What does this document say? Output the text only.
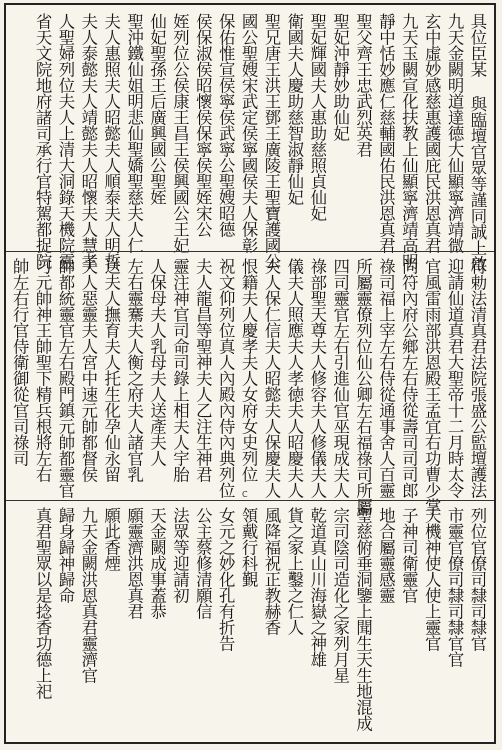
具位臣某 與臨壇官眾等謹同誠上啟
九天金闕明道達德大仙顯寧濟靖微
玄中虛妙感慈惠護國庇民洪恩真君
九天玉闕宣化扶教上仙顯寧濟靖高明
靜中恬妙應仁慈輔國佑民洪恩真君
聖父齊王忠武烈英君
聖妃沖靜妙助仙妃
聖妃輝國夫人惠助慈照貞仙妃
衛國夫人慶助慈智淑靜仙妃
聖兄唐王洪王鄧王廣陵王聖寶護國公
國公聖嫂宋武定侯寧國侯夫人保彰
保佑惟宣侯寧侯武寧公聖嫂昭德
侯保淑侯昭懷侯保寧侯聖姪宋公
姪列位公侯康王昌王侯興國公王妃
仙妃聖孫王后廣興國公聖姪
聖沖鐵仙姐明悲仙聖嬌聖慈夫人仁
夫人惠照夫人昭懿夫人順泰夫人明哲
夫人泰懿夫人靖懿夫人昭懷夫人慧孝
人聖婦列位夫人上清大洞錄天機院靈
省天文院地府諸司承行官特駕都捉院
符勅法清真君法院張盛公監壇護法
迎請仙道真君大聖帝十二月時太令
官風雷雨部洪恩殿王孟宜右功曹少掌
尚符內府公鄉左右侍從壽司司司郎
祿司福上宰左右侍從通事舍人百靈
所屬靈僚列位仙公卿左右福祿司所屬
四司靈官左右引進仙官巫現成夫人
祿部聖天尊夫人修容夫人修儀夫人
儀夫人照應夫人孝徳夫人昭慶夫人
夫人保仁信夫人昭懿夫人保慶夫人
恨籍夫人慶孝夫人女府女史列位
祝文仰列位真人內殿內侍內典列位
夫人龍昌等聖神夫人乙注生神君
靈注神官司命司錄上相夫人宇胎
人保母夫人乳母夫人送產夫人
左右靈騫夫人衡之府夫人諸官乳
送夫人撫育夫人托生化孕仙永留
夫人惡靈夫人宮中速元帥都督侯
帥都統靈官左右殿門鎮元帥都靈官
刁元帥神王帥聖下精兵根將左右
帥左右行官侍衛御從官司祿司
C
列位官僚司隸司隸官
市靈官僚司隸司隸官官
天機神使人使上靈官
子神司衛靈官
地合屬靈感靈
聖慈俯垂洞鑒上聞生天生地混成
宗司陰司造化之家列月星
乾道真山川海嶽之神雄
貨之家上鑿之仁人
風降福祝正教赫香
領戴行科覲
女元之妙化孔有折告
公主蔡修清願信
法眾等迎請初
天金闕成事蓋恭
願靈濟洪恩真君
願此香煙
九天金闕洪恩真君靈濟官
歸身歸神歸命
真君聖眾以是捻香功德上祀
